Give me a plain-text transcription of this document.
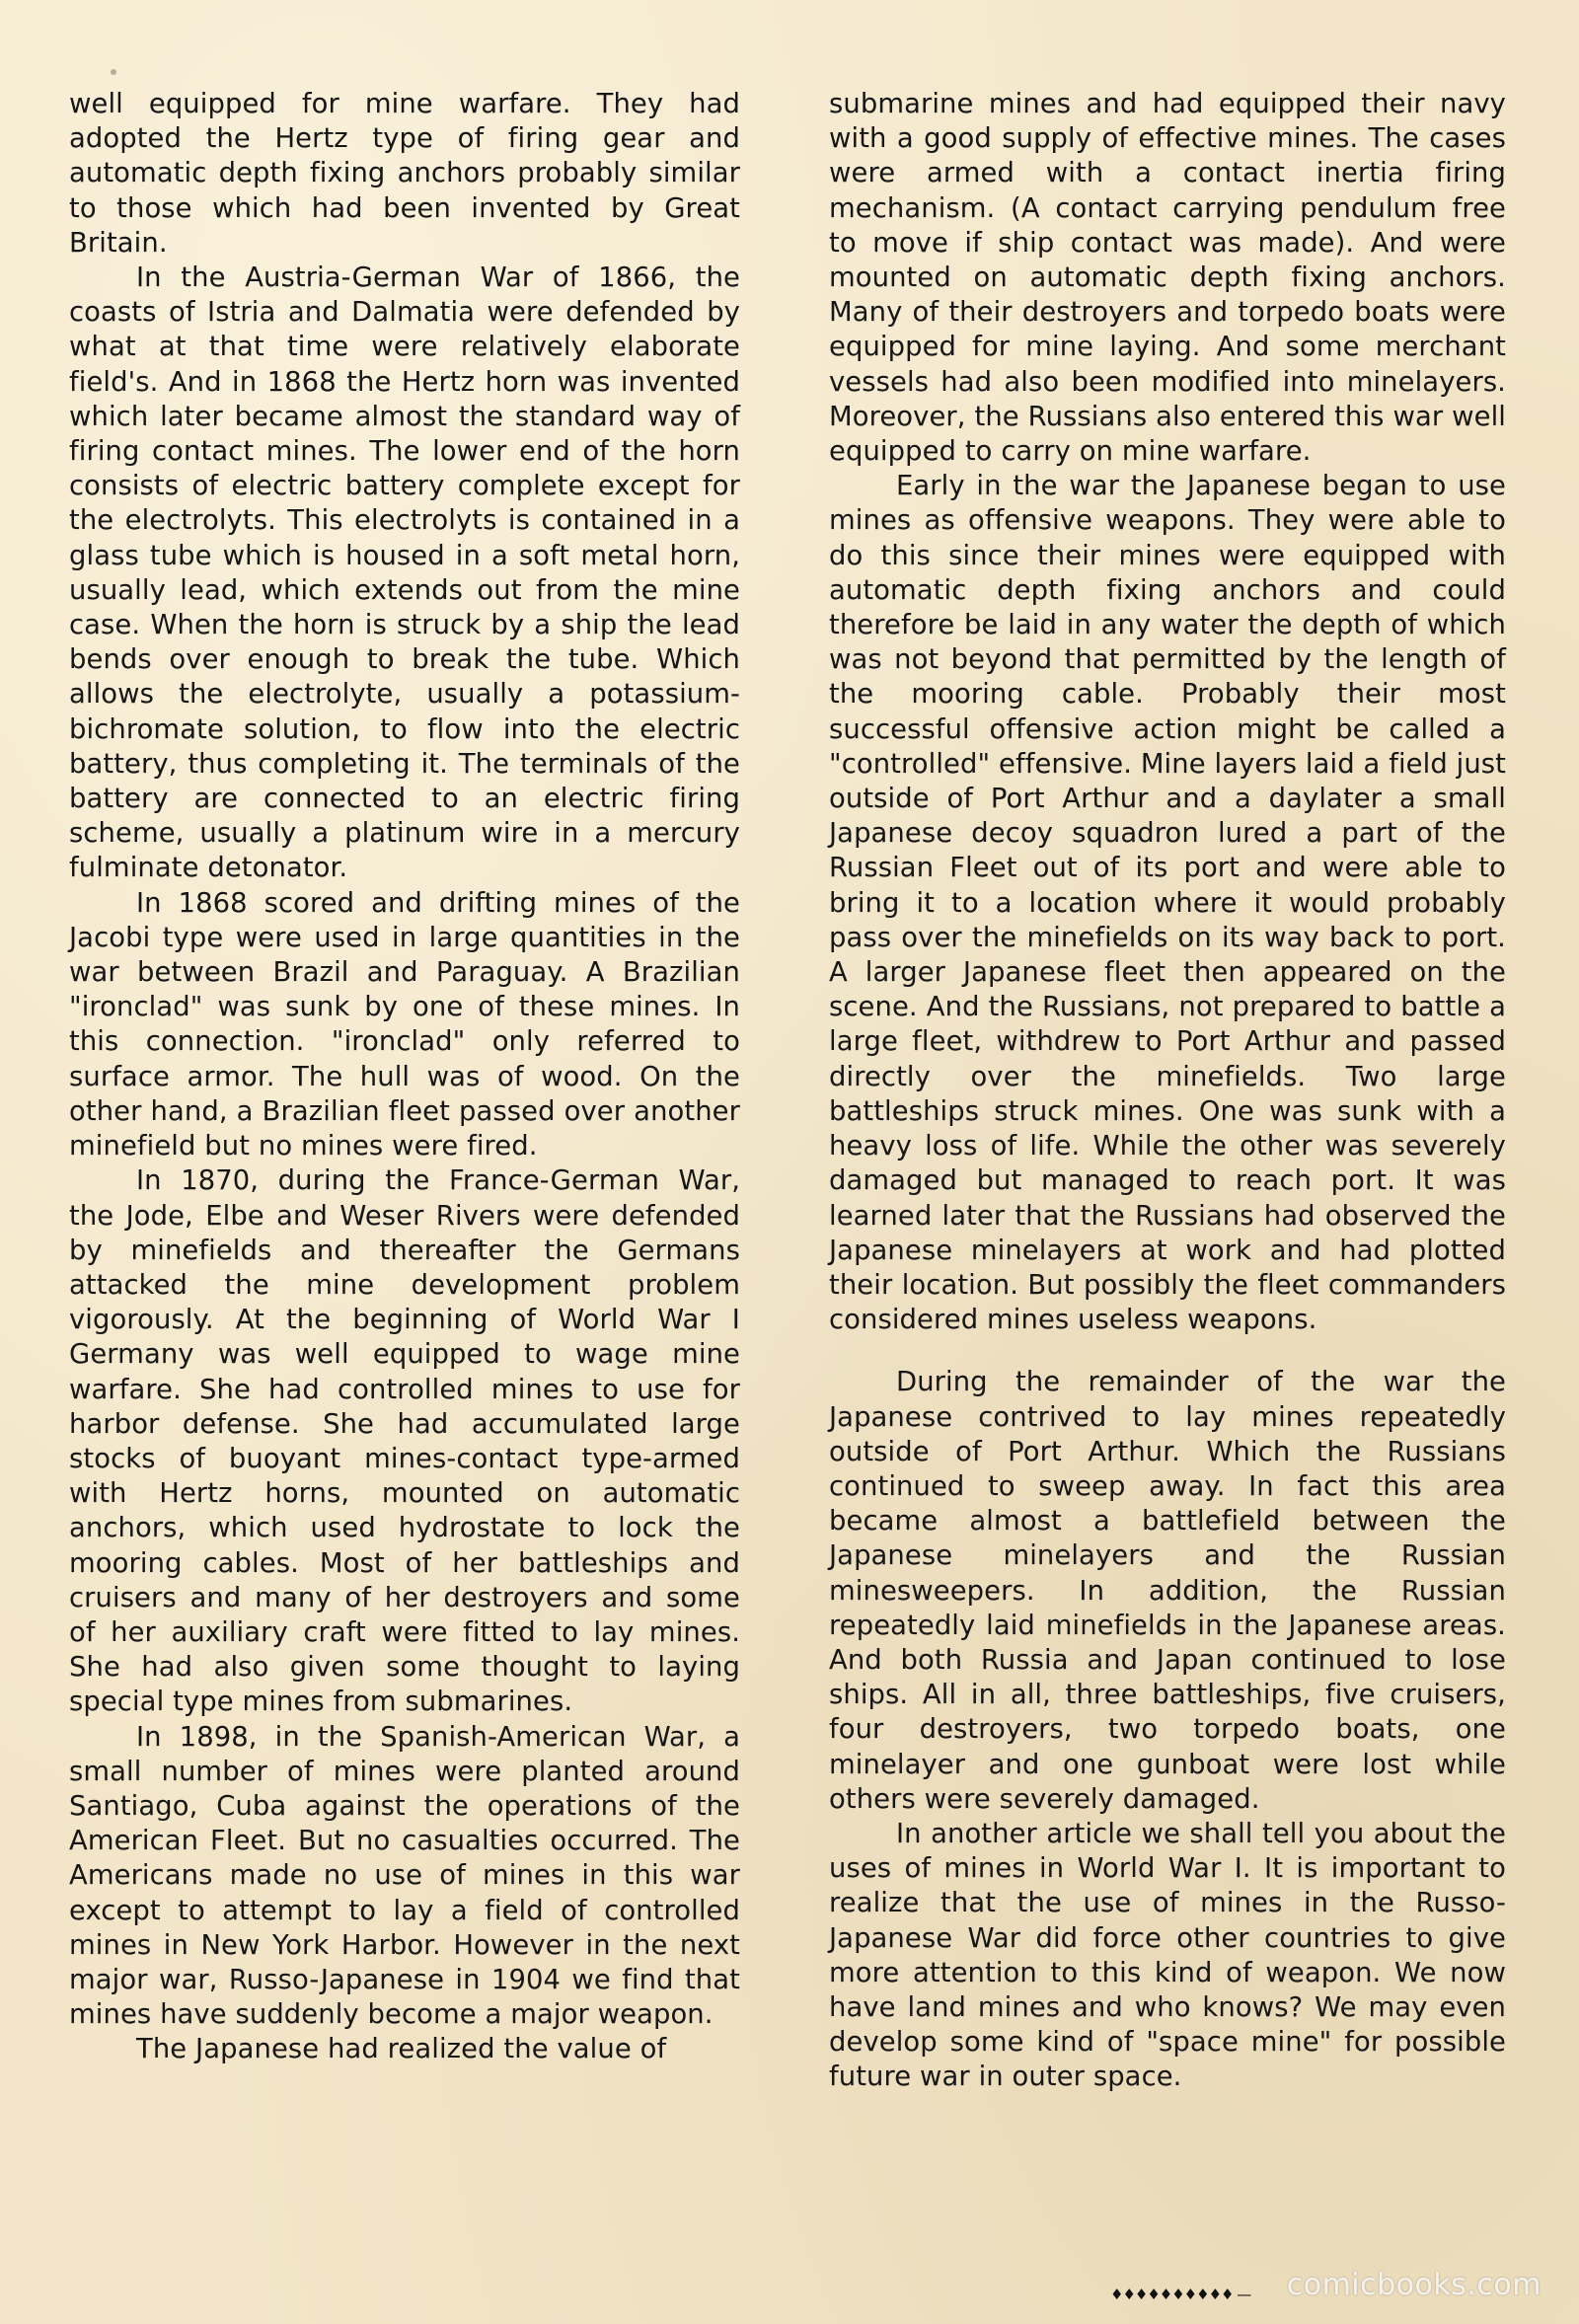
well equipped for mine warfare. They had adopted the Hertz type of firing gear and automatic depth fixing anchors probably similar to those which had been invented by Great Britain.

In the Austria-German War of 1866, the coasts of Istria and Dalmatia were defended by what at that time were relatively elaborate field's. And in 1868 the Hertz horn was invented which later became almost the standard way of firing contact mines. The lower end of the horn consists of electric battery complete except for the electrolyts. This electrolyts is contained in a glass tube which is housed in a soft metal horn, usually lead, which extends out from the mine case. When the horn is struck by a ship the lead bends over enough to break the tube. Which allows the electrolyte, usually a potassium-bichromate solution, to flow into the electric battery, thus completing it. The terminals of the battery are connected to an electric firing scheme, usually a platinum wire in a mercury fulminate detonator.

In 1868 scored and drifting mines of the Jacobi type were used in large quantities in the war between Brazil and Paraguay. A Brazilian "ironclad" was sunk by one of these mines. In this connection. "ironclad" only referred to surface armor. The hull was of wood. On the other hand, a Brazilian fleet passed over another minefield but no mines were fired.

In 1870, during the France-German War, the Jode, Elbe and Weser Rivers were defended by minefields and thereafter the Germans attacked the mine development problem vigorously. At the beginning of World War I Germany was well equipped to wage mine warfare. She had controlled mines to use for harbor defense. She had accumulated large stocks of buoyant mines-contact type-armed with Hertz horns, mounted on automatic anchors, which used hydrostate to lock the mooring cables. Most of her battleships and cruisers and many of her destroyers and some of her auxiliary craft were fitted to lay mines. She had also given some thought to laying special type mines from submarines.

In 1898, in the Spanish-American War, a small number of mines were planted around Santiago, Cuba against the operations of the American Fleet. But no casualties occurred. The Americans made no use of mines in this war except to attempt to lay a field of controlled mines in New York Harbor. However in the next major war, Russo-Japanese in 1904 we find that mines have suddenly become a major weapon.

The Japanese had realized the value of

submarine mines and had equipped their navy with a good supply of effective mines. The cases were armed with a contact inertia firing mechanism. (A contact carrying pendulum free to move if ship contact was made). And were mounted on automatic depth fixing anchors. Many of their destroyers and torpedo boats were equipped for mine laying. And some merchant vessels had also been modified into minelayers. Moreover, the Russians also entered this war well equipped to carry on mine warfare.

Early in the war the Japanese began to use mines as offensive weapons. They were able to do this since their mines were equipped with automatic depth fixing anchors and could therefore be laid in any water the depth of which was not beyond that permitted by the length of the mooring cable. Probably their most successful offensive action might be called a "controlled" effensive. Mine layers laid a field just outside of Port Arthur and a daylater a small Japanese decoy squadron lured a part of the Russian Fleet out of its port and were able to bring it to a location where it would probably pass over the minefields on its way back to port. A larger Japanese fleet then appeared on the scene. And the Russians, not prepared to battle a large fleet, withdrew to Port Arthur and passed directly over the minefields. Two large battleships struck mines. One was sunk with a heavy loss of life. While the other was severely damaged but managed to reach port. It was learned later that the Russians had observed the Japanese minelayers at work and had plotted their location. But possibly the fleet commanders considered mines useless weapons.

During the remainder of the war the Japanese contrived to lay mines repeatedly outside of Port Arthur. Which the Russians continued to sweep away. In fact this area became almost a battlefield between the Japanese minelayers and the Russian minesweepers. In addition, the Russian repeatedly laid minefields in the Japanese areas. And both Russia and Japan continued to lose ships. All in all, three battleships, five cruisers, four destroyers, two torpedo boats, one minelayer and one gunboat were lost while others were severely damaged.

In another article we shall tell you about the uses of mines in World War I. It is important to realize that the use of mines in the Russo-Japanese War did force other countries to give more attention to this kind of weapon. We now have land mines and who knows? We may even develop some kind of "space mine" for possible future war in outer space.

♦♦♦♦♦♦♦♦♦♦ — comicbooks.com
